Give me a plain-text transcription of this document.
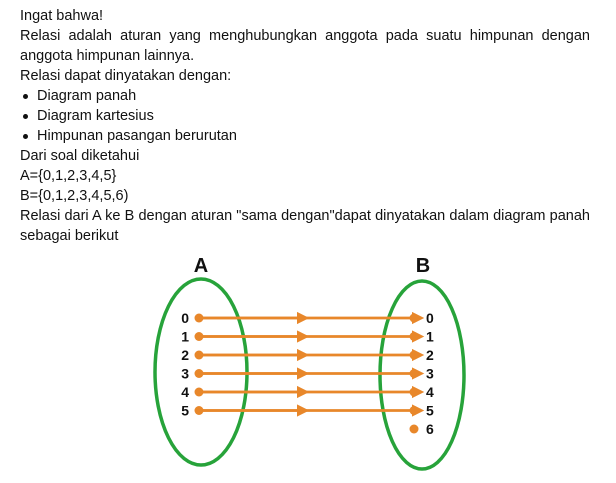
Ingat bahwa!

Relasi adalah aturan yang menghubungkan anggota pada suatu himpunan dengan anggota himpunan lainnya.

Relasi dapat dinyatakan dengan:

Diagram panah
Diagram kartesius
Himpunan pasangan berurutan

Dari soal diketahui

A={0,1,2,3,4,5}

B={0,1,2,3,4,5,6)

Relasi dari A ke B dengan aturan "sama dengan"dapat dinyatakan dalam diagram panah sebagai berikut

A	B
0
1
2
3
4
5
0
1
2
3
4
5
6
